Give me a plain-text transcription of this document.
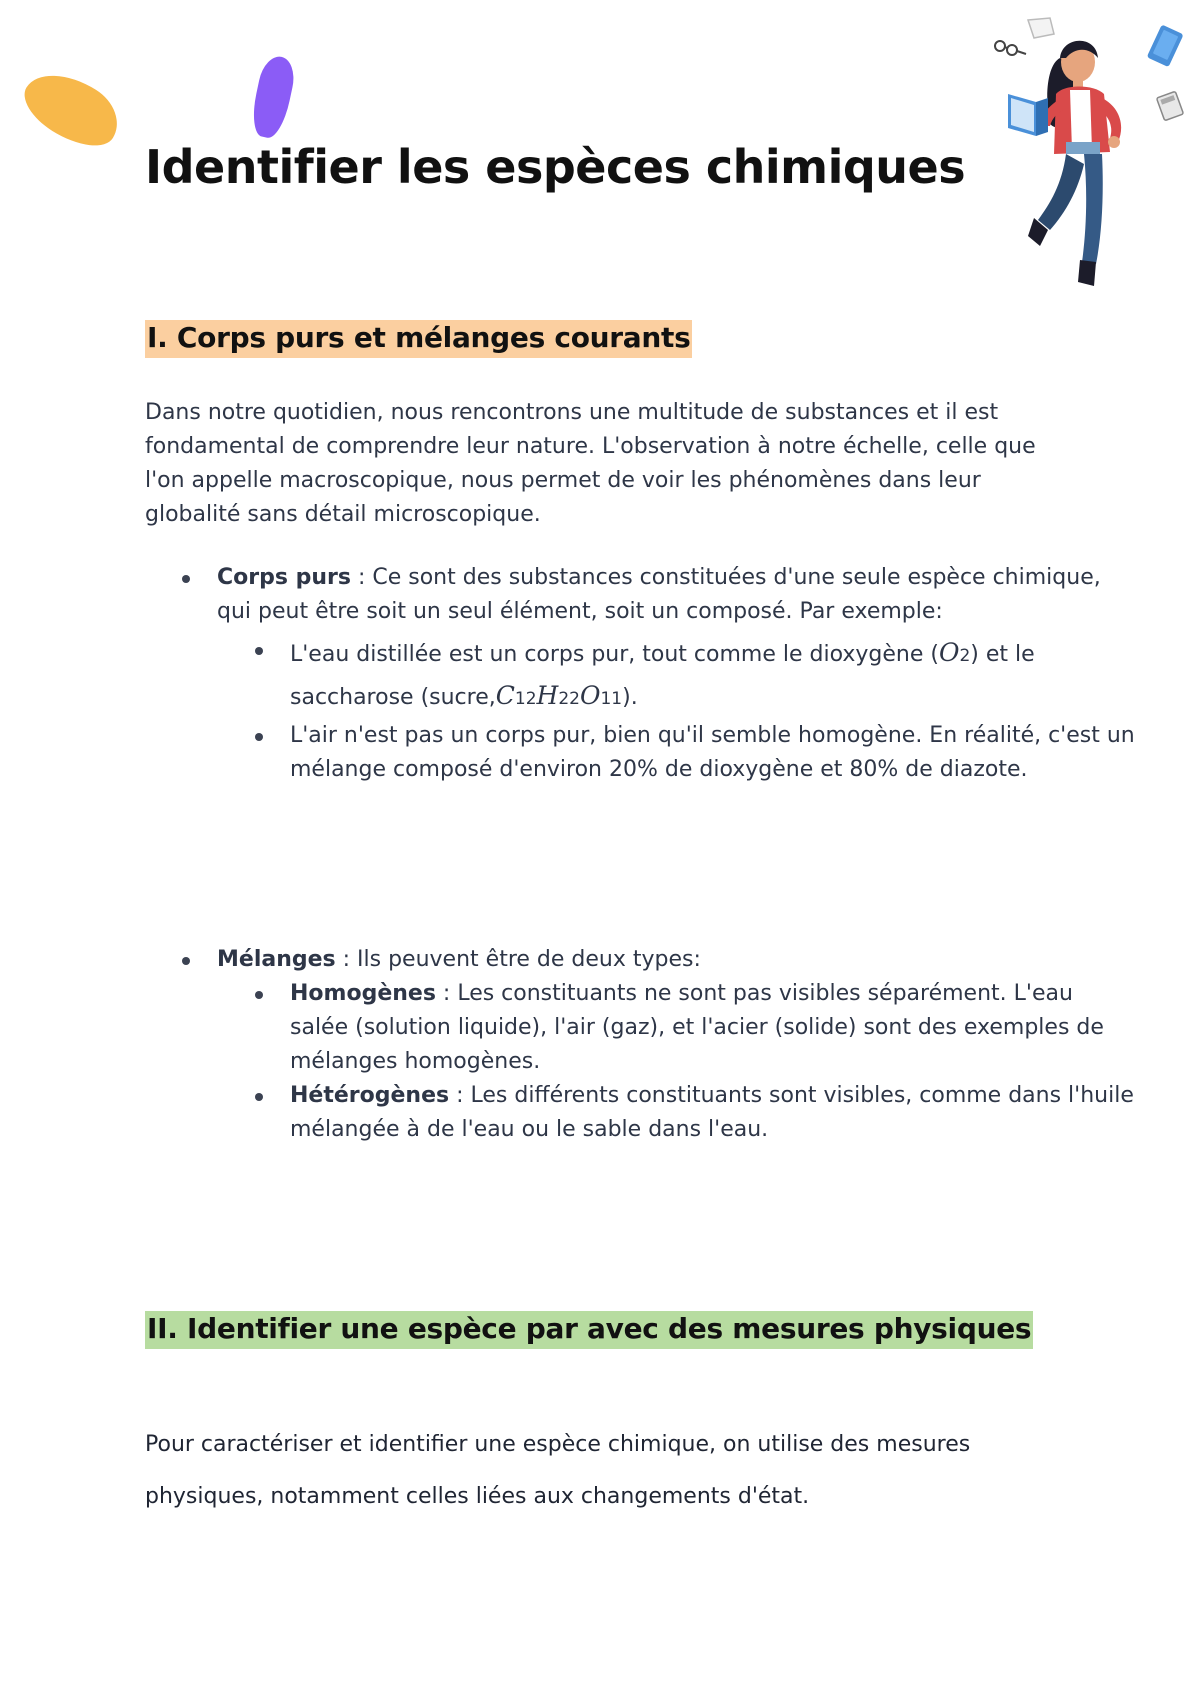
Identifier les espèces chimiques
I. Corps purs et mélanges courants

Dans notre quotidien, nous rencontrons une multitude de substances et il est fondamental de comprendre leur nature. L'observation à notre échelle, celle que l'on appelle macroscopique, nous permet de voir les phénomènes dans leur globalité sans détail microscopique.

Corps purs : Ce sont des substances constituées d'une seule espèce chimique, qui peut être soit un seul élément, soit un composé. Par exemple:
L'eau distillée est un corps pur, tout comme le dioxygène (O2) et le saccharose (sucre,C12H22O11).
L'air n'est pas un corps pur, bien qu'il semble homogène. En réalité, c'est un mélange composé d'environ 20% de dioxygène et 80% de diazote.
Mélanges : Ils peuvent être de deux types:
Homogènes : Les constituants ne sont pas visibles séparément. L'eau salée (solution liquide), l'air (gaz), et l'acier (solide) sont des exemples de mélanges homogènes.
Hétérogènes : Les différents constituants sont visibles, comme dans l'huile mélangée à de l'eau ou le sable dans l'eau.
II. Identifier une espèce par avec des mesures physiques

Pour caractériser et identifier une espèce chimique, on utilise des mesures physiques, notamment celles liées aux changements d'état.
